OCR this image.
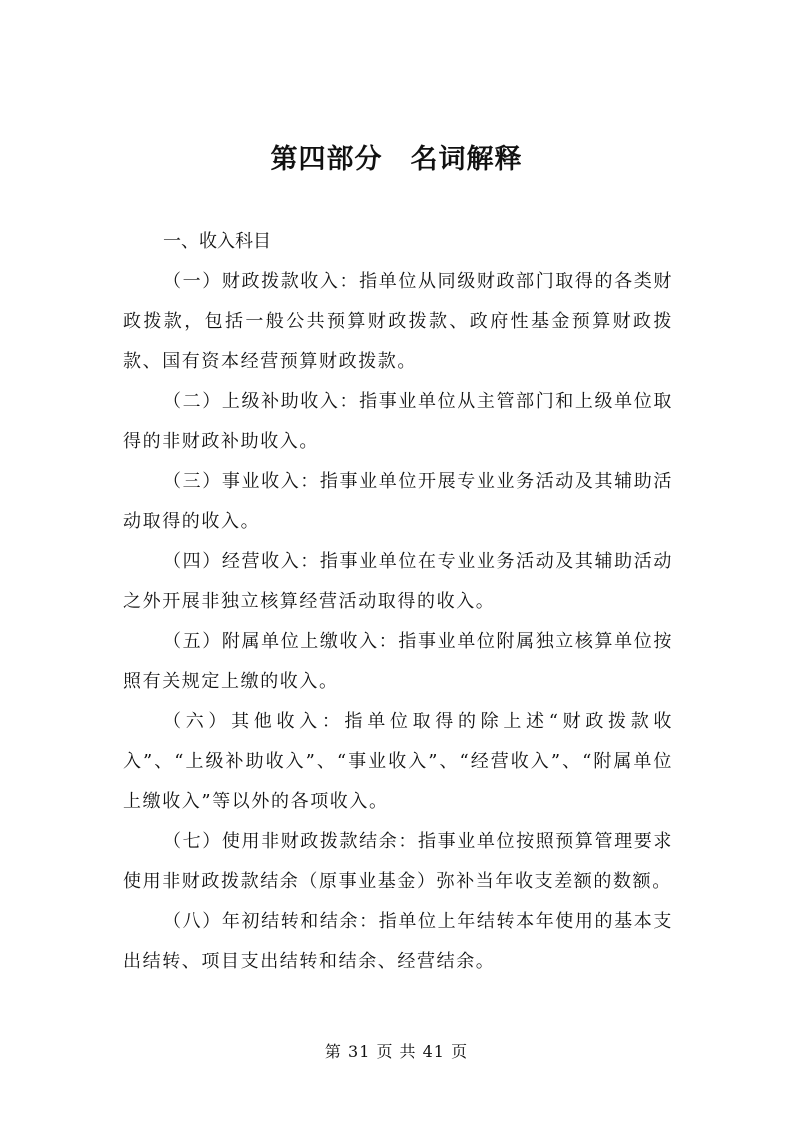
第四部分　名词解释

一、收入科目

（一）财政拨款收入：指单位从同级财政部门取得的各类财政拨款，包括一般公共预算财政拨款、政府性基金预算财政拨款、国有资本经营预算财政拨款。

（二）上级补助收入：指事业单位从主管部门和上级单位取得的非财政补助收入。

（三）事业收入：指事业单位开展专业业务活动及其辅助活动取得的收入。

（四）经营收入：指事业单位在专业业务活动及其辅助活动之外开展非独立核算经营活动取得的收入。

（五）附属单位上缴收入：指事业单位附属独立核算单位按照有关规定上缴的收入。

（六）其他收入：指单位取得的除上述“财政拨款收入”、“上级补助收入”、“事业收入”、“经营收入”、“附属单位上缴收入”等以外的各项收入。

（七）使用非财政拨款结余：指事业单位按照预算管理要求使用非财政拨款结余（原事业基金）弥补当年收支差额的数额。

（八）年初结转和结余：指单位上年结转本年使用的基本支出结转、项目支出结转和结余、经营结余。

第 31 页 共 41 页
